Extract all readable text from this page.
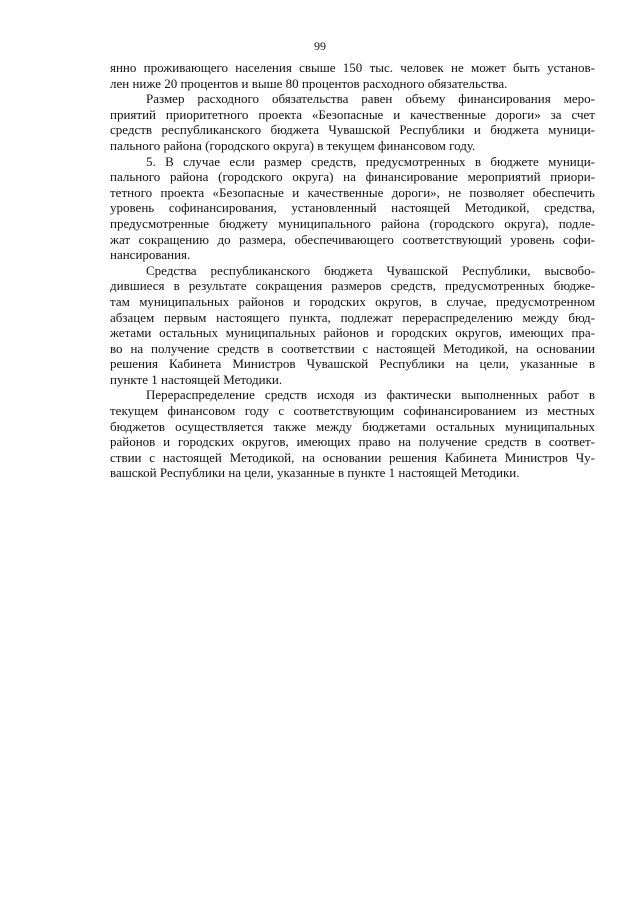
99
янно проживающего населения свыше 150 тыс. человек не может быть установ-
лен ниже 20 процентов и выше 80 процентов расходного обязательства.
Размер расходного обязательства равен объему финансирования меро-
приятий приоритетного проекта «Безопасные и качественные дороги» за счет
средств республиканского бюджета Чувашской Республики и бюджета муници-
пального района (городского округа) в текущем финансовом году.
5. В случае если размер средств, предусмотренных в бюджете муници-
пального района (городского округа) на финансирование мероприятий приори-
тетного проекта «Безопасные и качественные дороги», не позволяет обеспечить
уровень софинансирования, установленный настоящей Методикой, средства,
предусмотренные бюджету муниципального района (городского округа), подле-
жат сокращению до размера, обеспечивающего соответствующий уровень софи-
нансирования.
Средства республиканского бюджета Чувашской Республики, высвобо-
дившиеся в результате сокращения размеров средств, предусмотренных бюдже-
там муниципальных районов и городских округов, в случае, предусмотренном
абзацем первым настоящего пункта, подлежат перераспределению между бюд-
жетами остальных муниципальных районов и городских округов, имеющих пра-
во на получение средств в соответствии с настоящей Методикой, на основании
решения Кабинета Министров Чувашской Республики на цели, указанные в
пункте 1 настоящей Методики.
Перераспределение средств исходя из фактически выполненных работ в
текущем финансовом году с соответствующим софинансированием из местных
бюджетов осуществляется также между бюджетами остальных муниципальных
районов и городских округов, имеющих право на получение средств в соответ-
ствии с настоящей Методикой, на основании решения Кабинета Министров Чу-
вашской Республики на цели, указанные в пункте 1 настоящей Методики.
